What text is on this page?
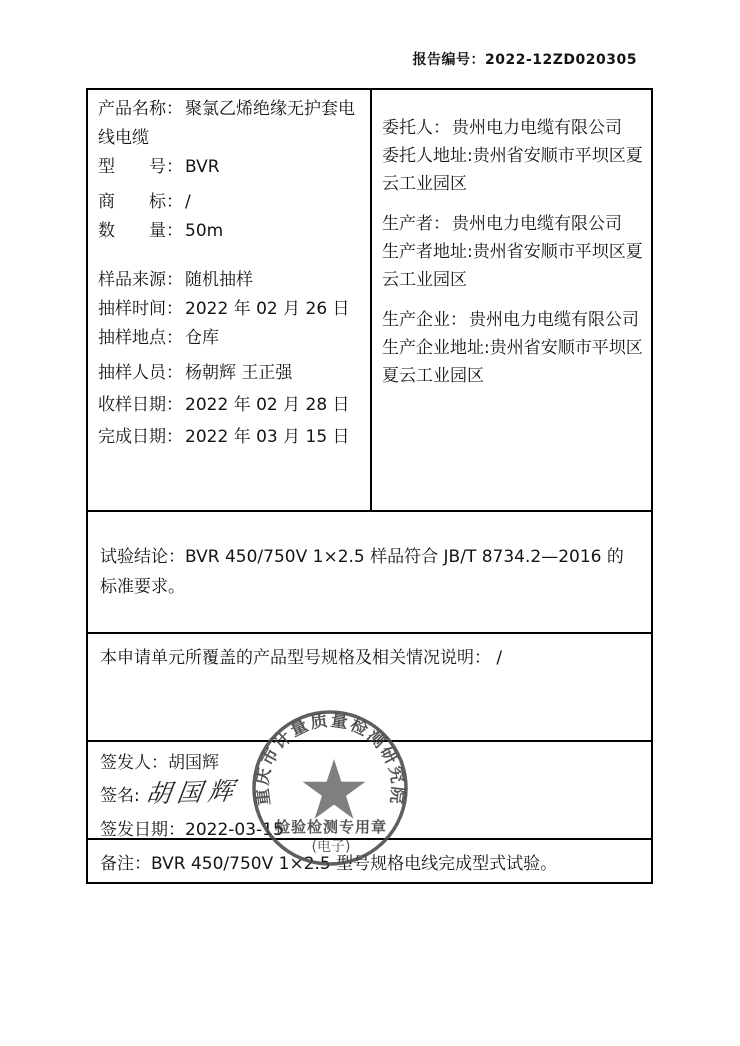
报告编号：2022-12ZD020305
产品名称： 聚氯乙烯绝缘无护套电线电缆
型　　号： BVR
商　　标： /
数　　量： 50m
样品来源： 随机抽样
抽样时间： 2022 年 02 月 26 日
抽样地点： 仓库
抽样人员： 杨朝辉 王正强
收样日期： 2022 年 02 月 28 日
完成日期： 2022 年 03 月 15 日
委托人： 贵州电力电缆有限公司
委托人地址:贵州省安顺市平坝区夏云工业园区
生产者： 贵州电力电缆有限公司
生产者地址:贵州省安顺市平坝区夏云工业园区
生产企业： 贵州电力电缆有限公司
生产企业地址:贵州省安顺市平坝区夏云工业园区
试验结论：BVR 450/750V 1×2.5 样品符合 JB/T 8734.2—2016 的标准要求。
本申请单元所覆盖的产品型号规格及相关情况说明： /
签发人：胡国辉
签名: 胡国辉
签发日期：2022-03-15
备注：BVR 450/750V 1×2.5 型号规格电线完成型式试验。
重庆市计量质量检测研究院
检验检测专用章
(电子)
